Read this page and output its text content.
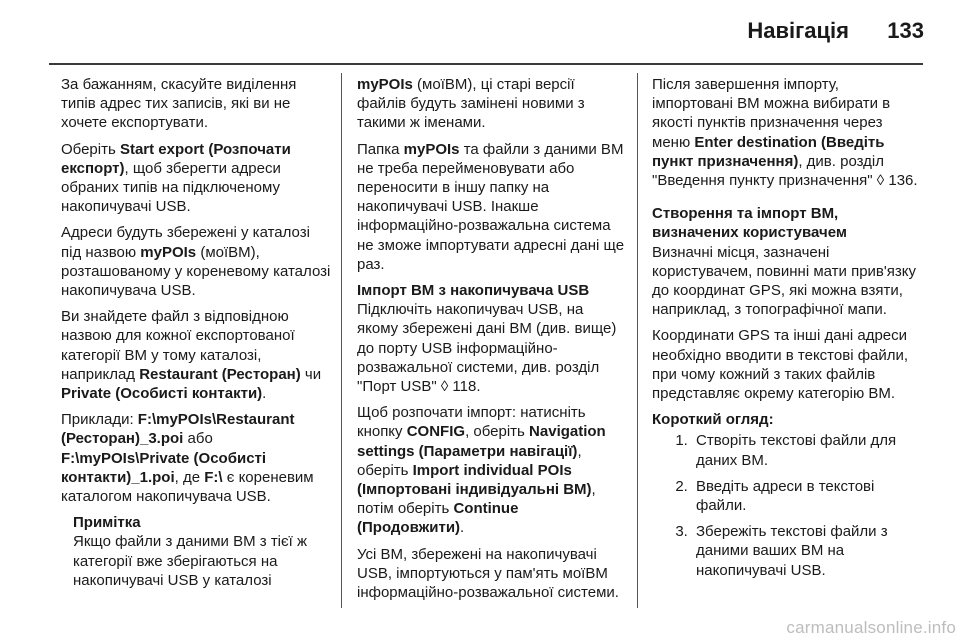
Навігація 133

За бажанням, скасуйте виділення типів адрес тих записів, які ви не хочете експортувати.

Оберіть Start export (Розпочати експорт), щоб зберегти адреси обраних типів на підключеному накопичувачі USB.

Адреси будуть збережені у каталозі під назвою myPOIs (моїВМ), розташованому у кореневому каталозі накопичувача USB.

Ви знайдете файл з відповідною назвою для кожної експортованої категорії ВМ у тому каталозі, наприклад Restaurant (Ресторан) чи Private (Особисті контакти).

Приклади: F:\myPOIs\Restaurant (Ресторан)_3.poi або F:\myPOIs\Private (Особисті контакти)_1.poi, де F:\ є кореневим каталогом накопичувача USB.

Примітка
Якщо файли з даними ВМ з тієї ж категорії вже зберігаються на накопичувачі USB у каталозі

myPOIs (моїВМ), ці старі версії файлів будуть замінені новими з такими ж іменами.

Папка myPOIs та файли з даними ВМ не треба перейменовувати або переносити в іншу папку на накопичувачі USB. Інакше інформаційно-розважальна система не зможе імпортувати адресні дані ще раз.

Імпорт ВМ з накопичувача USB

Підключіть накопичувач USB, на якому збережені дані ВМ (див. вище) до порту USB інформаційно-розважальної системи, див. розділ "Порт USB" ◊ 118.

Щоб розпочати імпорт: натисніть кнопку CONFIG, оберіть Navigation settings (Параметри навігації), оберіть Import individual POIs (Імпортовані індивідуальні ВМ), потім оберіть Continue (Продовжити).

Усі ВМ, збережені на накопичувачі USB, імпортуються у пам'ять моїВМ інформаційно-розважальної системи.

Після завершення імпорту, імпортовані ВМ можна вибирати в якості пунктів призначення через меню Enter destination (Введіть пункт призначення), див. розділ "Введення пункту призначення" ◊ 136.

Створення та імпорт ВМ, визначених користувачем

Визначні місця, зазначені користувачем, повинні мати прив'язку до координат GPS, які можна взяти, наприклад, з топографічної мапи.

Координати GPS та інші дані адреси необхідно вводити в текстові файли, при чому кожний з таких файлів представляє окрему категорію ВМ.

Короткий огляд:
1. Створіть текстові файли для даних ВМ.
2. Введіть адреси в текстові файли.
3. Збережіть текстові файли з даними ваших ВМ на накопичувачі USB.
carmanualsonline.info
